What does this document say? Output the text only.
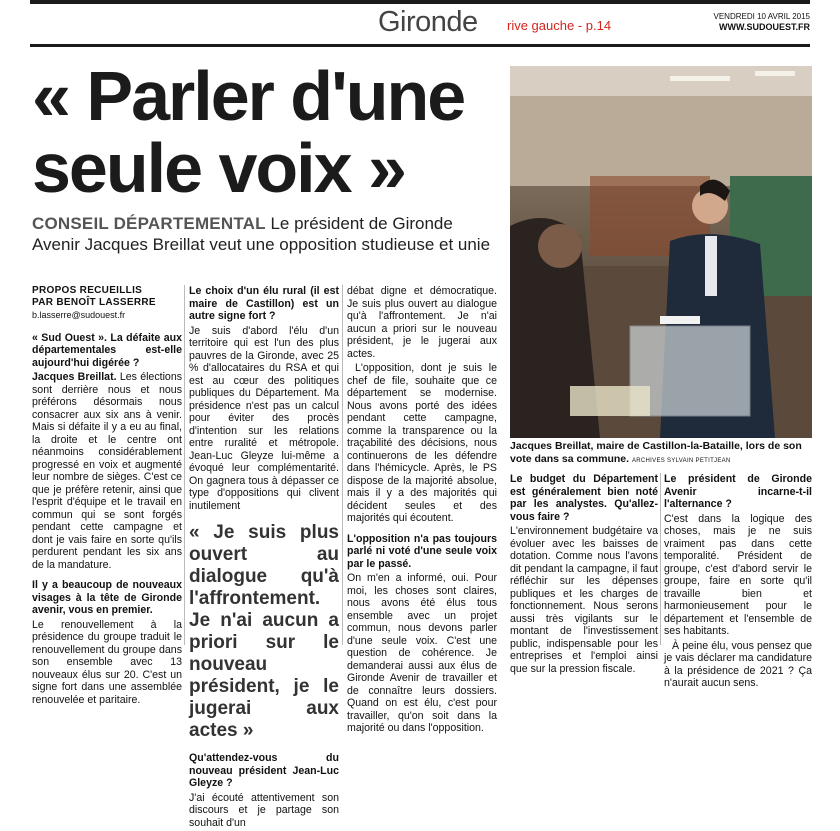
Gironde rive gauche - p.14
VENDREDI 10 AVRIL 2015
WWW.SUDOUEST.FR
« Parler d'une
seule voix »
CONSEIL DÉPARTEMENTAL Le président de Gironde Avenir Jacques Breillat veut une opposition studieuse et unie
PROPOS RECUEILLIS
PAR BENOÎT LASSERRE
b.lasserre@sudouest.fr

« Sud Ouest ». La défaite aux départementales est-elle aujourd'hui digérée ?

Jacques Breillat. Les élections sont derrière nous et nous préférons désormais nous consacrer aux six ans à venir. Mais si défaite il y a eu au final, la droite et le centre ont néanmoins considérablement progressé en voix et augmenté leur nombre de sièges. C'est ce que je préfère retenir, ainsi que l'esprit d'équipe et le travail en commun qui se sont forgés pendant cette campagne et dont je vais faire en sorte qu'ils perdurent pendant les six ans de la mandature.

Il y a beaucoup de nouveaux visages à la tête de Gironde avenir, vous en premier.

Le renouvellement à la présidence du groupe traduit le renouvellement du groupe dans son ensemble avec 13 nouveaux élus sur 20. C'est un signe fort dans une assemblée renouvelée et paritaire.

Le choix d'un élu rural (il est maire de Castillon) est un autre signe fort ?

Je suis d'abord l'élu d'un territoire qui est l'un des plus pauvres de la Gironde, avec 25 % d'allocataires du RSA et qui est au cœur des politiques publiques du Département. Ma présidence n'est pas un calcul pour éviter des procès d'intention sur les relations entre ruralité et métropole. Jean-Luc Gleyze lui-même a évoqué leur complémentarité. On gagnera tous à dépasser ce type d'oppositions qui clivent inutilement

« Je suis plus ouvert au dialogue qu'à l'affrontement. Je n'ai aucun a priori sur le nouveau président, je le jugerai aux actes »

Qu'attendez-vous du nouveau président Jean-Luc Gleyze ?

J'ai écouté attentivement son discours et je partage son souhait d'un

débat digne et démocratique. Je suis plus ouvert au dialogue qu'à l'affrontement. Je n'ai aucun a priori sur le nouveau président, je le jugerai aux actes.

L'opposition, dont je suis le chef de file, souhaite que ce département se modernise. Nous avons porté des idées pendant cette campagne, comme la transparence ou la traçabilité des décisions, nous continuerons de les défendre dans l'hémicycle. Après, le PS dispose de la majorité absolue, mais il y a des majorités qui décident seules et des majorités qui écoutent.

L'opposition n'a pas toujours parlé ni voté d'une seule voix par le passé.

On m'en a informé, oui. Pour moi, les choses sont claires, nous avons été élus tous ensemble avec un projet commun, nous devons parler d'une seule voix. C'est une question de cohérence. Je demanderai aussi aux élus de Gironde Avenir de travailler et de connaître leurs dossiers. Quand on est élu, c'est pour travailler, qu'on soit dans la majorité ou dans l'opposition.

Jacques Breillat, maire de Castillon-la-Bataille, lors de son vote dans sa commune. ARCHIVES SYLVAIN PETITJEAN

Le budget du Département est généralement bien noté par les analystes. Qu'allez-vous faire ?

L'environnement budgétaire va évoluer avec les baisses de dotation. Comme nous l'avons dit pendant la campagne, il faut réfléchir sur les dépenses publiques et les charges de fonctionnement. Nous serons aussi très vigilants sur le montant de l'investissement public, indispensable pour les entreprises et l'emploi ainsi que sur la pression fiscale.

Le président de Gironde Avenir incarne-t-il l'alternance ?

C'est dans la logique des choses, mais je ne suis vraiment pas dans cette temporalité. Président de groupe, c'est d'abord servir le groupe, faire en sorte qu'il travaille bien et harmonieusement pour le département et l'ensemble de ses habitants.

À peine élu, vous pensez que je vais déclarer ma candidature à la présidence de 2021 ? Ça n'aurait aucun sens.
